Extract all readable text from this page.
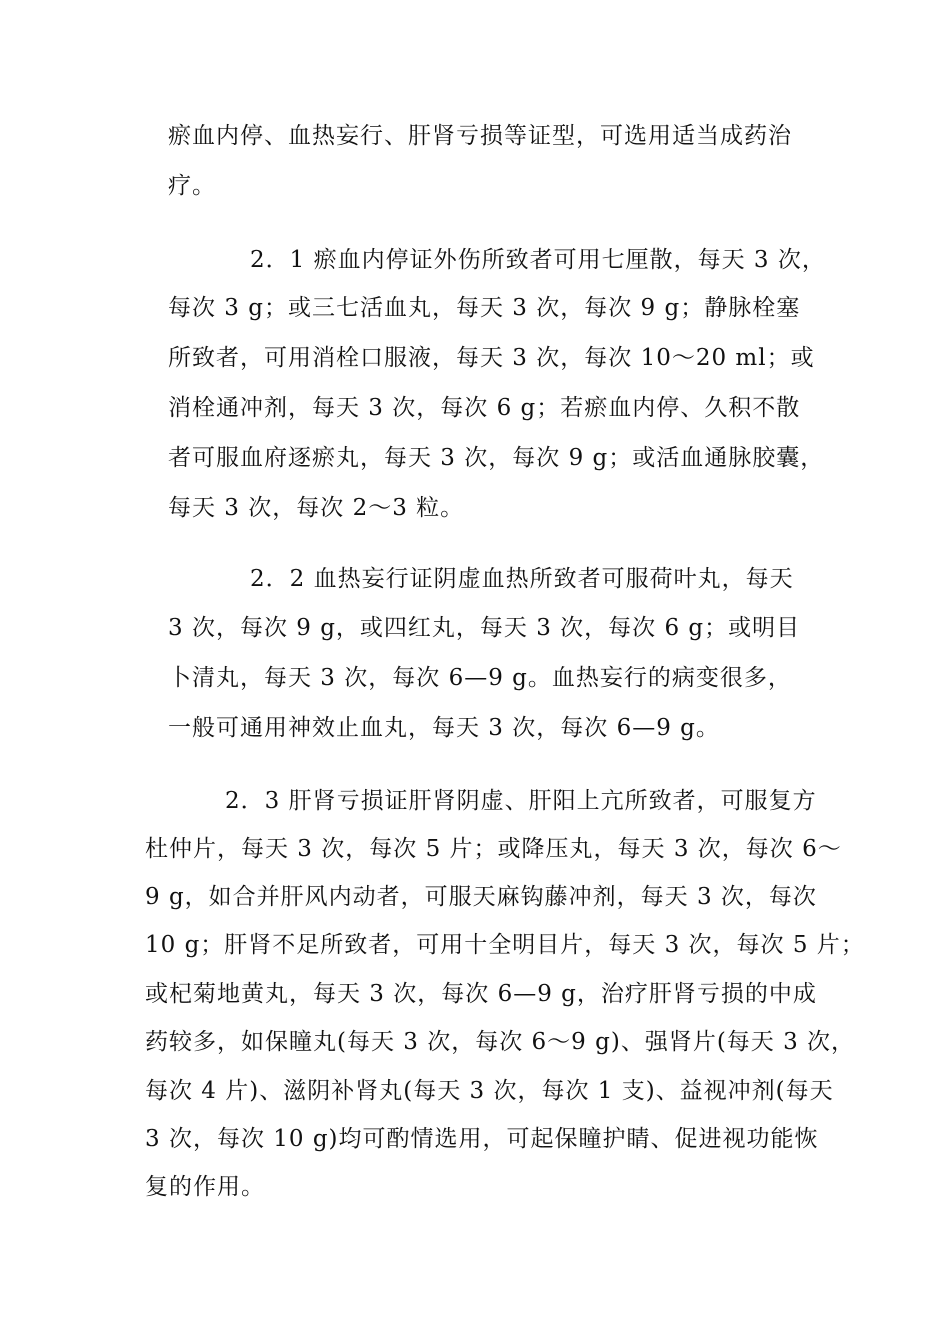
瘀血内停、血热妄行、肝肾亏损等证型，可选用适当成药治
疗。
2．1 瘀血内停证外伤所致者可用七厘散，每天 3 次，
每次 3 g；或三七活血丸，每天 3 次，每次 9 g；静脉栓塞
所致者，可用消栓口服液，每天 3 次，每次 10～20 ml；或
消栓通冲剂，每天 3 次，每次 6 g；若瘀血内停、久积不散
者可服血府逐瘀丸，每天 3 次，每次 9 g；或活血通脉胶囊，
每天 3 次，每次 2～3 粒。
2．2 血热妄行证阴虚血热所致者可服荷叶丸，每天
3 次，每次 9 g，或四红丸，每天 3 次，每次 6 g；或明目
卜清丸，每天 3 次，每次 6—9 g。血热妄行的病变很多，
一般可通用神效止血丸，每天 3 次，每次 6—9 g。
2．3 肝肾亏损证肝肾阴虚、肝阳上亢所致者，可服复方
杜仲片，每天 3 次，每次 5 片；或降压丸，每天 3 次，每次 6～
9 g，如合并肝风内动者，可服天麻钩藤冲剂，每天 3 次，每次
10 g；肝肾不足所致者，可用十全明目片，每天 3 次，每次 5 片；
或杞菊地黄丸，每天 3 次，每次 6—9 g，治疗肝肾亏损的中成
药较多，如保瞳丸(每天 3 次，每次 6～9 g)、强肾片(每天 3 次，
每次 4 片)、滋阴补肾丸(每天 3 次，每次 1 支)、益视冲剂(每天
3 次，每次 10 g)均可酌情选用，可起保瞳护睛、促进视功能恢
复的作用。
